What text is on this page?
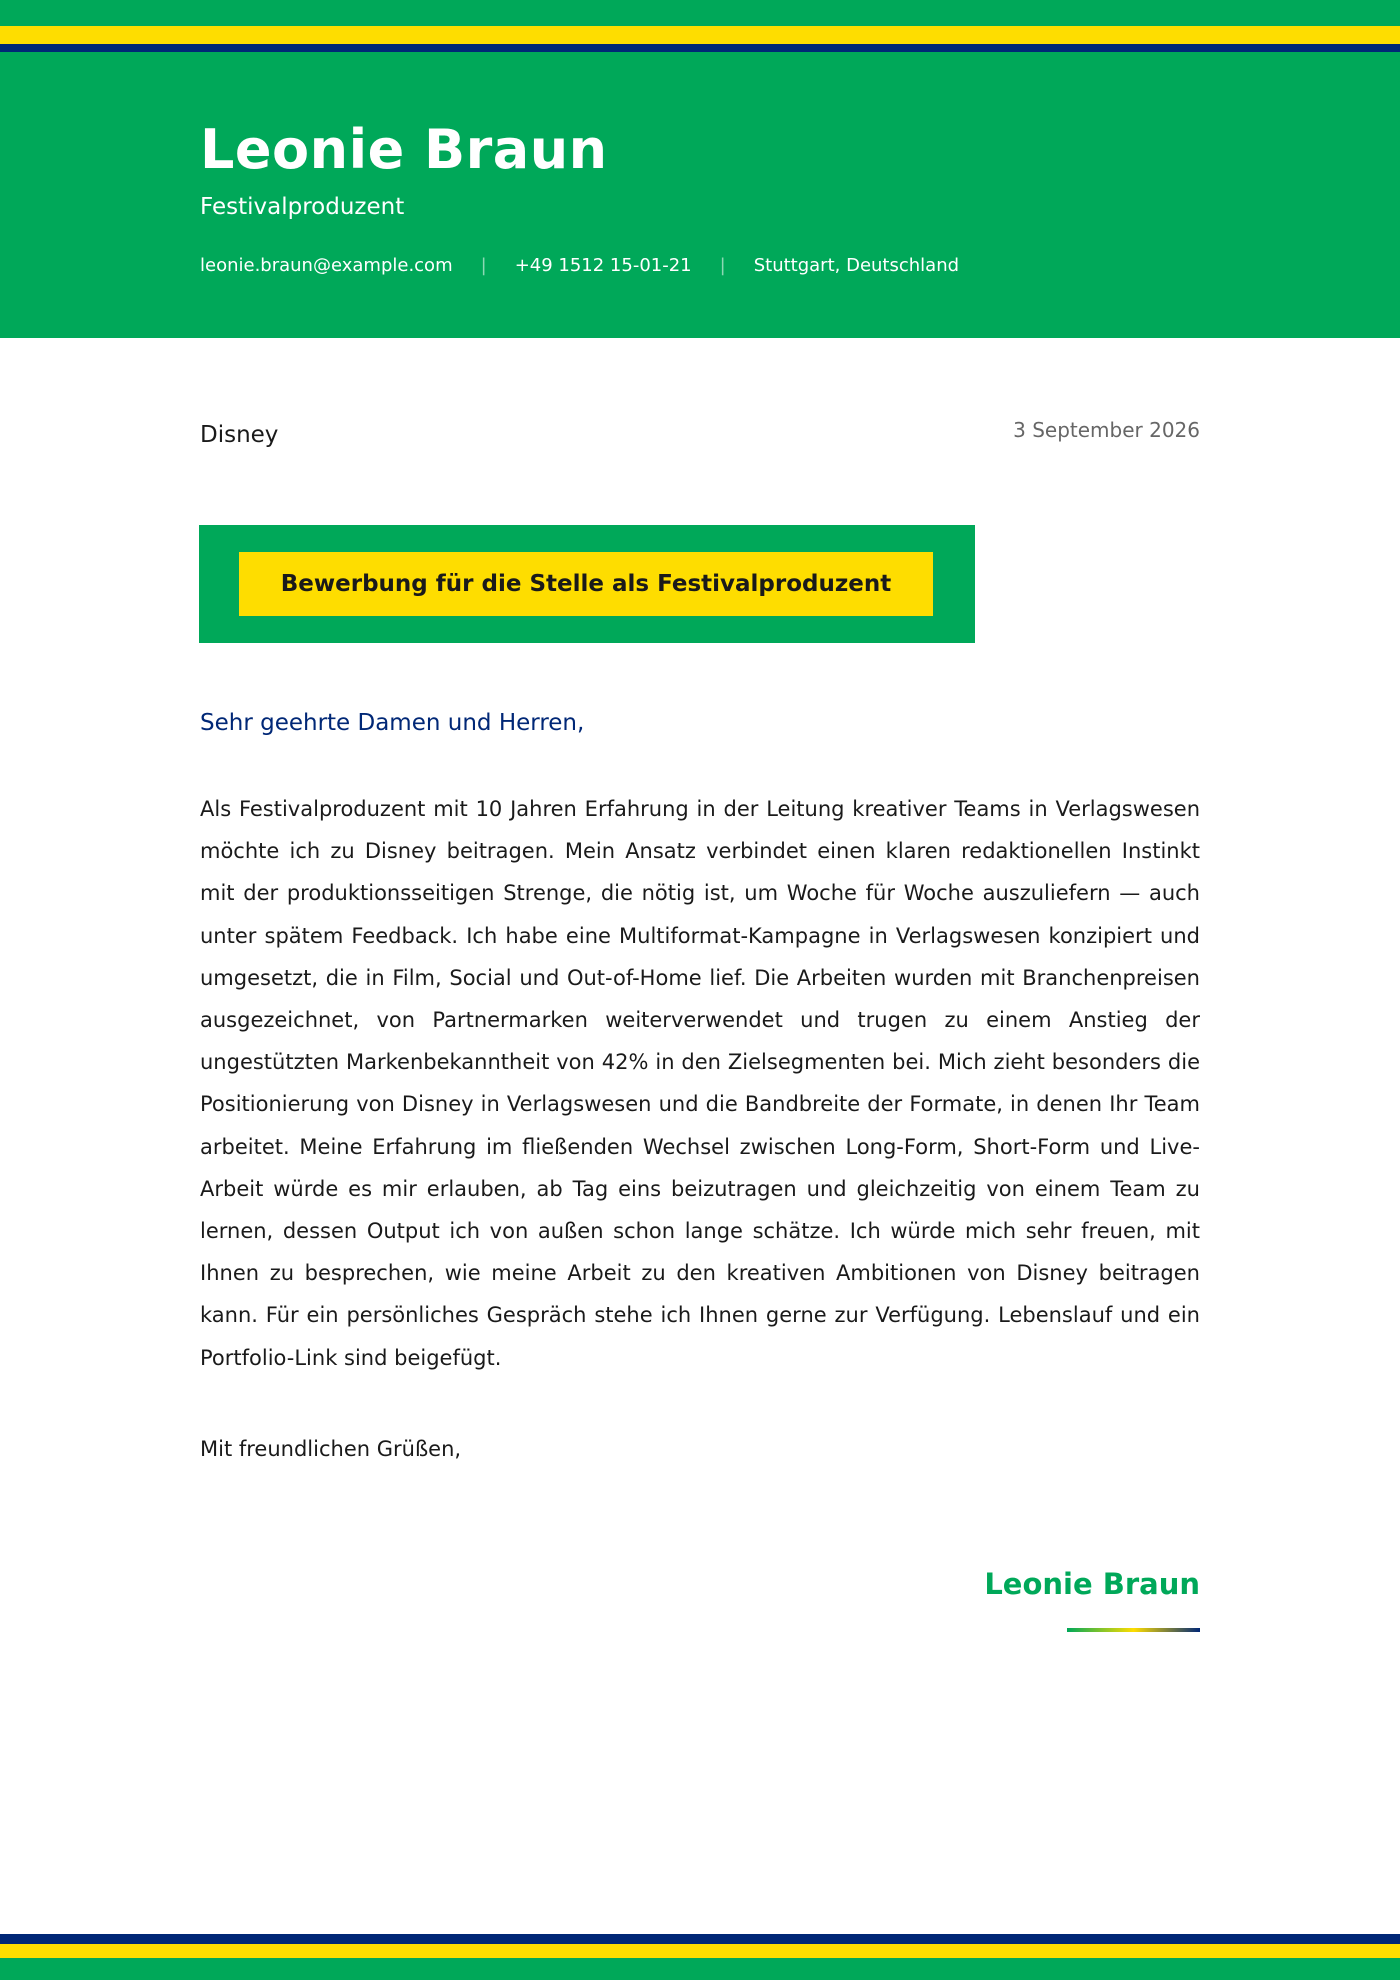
Leonie Braun
Festivalproduzent
leonie.braun@example.com | +49 1512 15-01-21 | Stuttgart, Deutschland
Disney	3 September 2026
Bewerbung für die Stelle als Festivalproduzent
Sehr geehrte Damen und Herren,

Als Festivalproduzent mit 10 Jahren Erfahrung in der Leitung kreativer Teams in Verlagswesen möchte ich zu Disney beitragen. Mein Ansatz verbindet einen klaren redaktionellen Instinkt mit der produktionsseitigen Strenge, die nötig ist, um Woche für Woche auszuliefern — auch unter spätem Feedback. Ich habe eine Multiformat-Kampagne in Verlagswesen konzipiert und umgesetzt, die in Film, Social und Out-of-Home lief. Die Arbeiten wurden mit Branchenpreisen ausgezeichnet, von Partnermarken weiterverwendet und trugen zu einem Anstieg der ungestützten Markenbekanntheit von 42% in den Zielsegmenten bei. Mich zieht besonders die Positionierung von Disney in Verlagswesen und die Bandbreite der Formate, in denen Ihr Team arbeitet. Meine Erfahrung im fließenden Wechsel zwischen Long-Form, Short-Form und Live-Arbeit würde es mir erlauben, ab Tag eins beizutragen und gleichzeitig von einem Team zu lernen, dessen Output ich von außen schon lange schätze. Ich würde mich sehr freuen, mit Ihnen zu besprechen, wie meine Arbeit zu den kreativen Ambitionen von Disney beitragen kann. Für ein persönliches Gespräch stehe ich Ihnen gerne zur Verfügung. Lebenslauf und ein Portfolio-Link sind beigefügt.

Mit freundlichen Grüßen,
Leonie Braun
